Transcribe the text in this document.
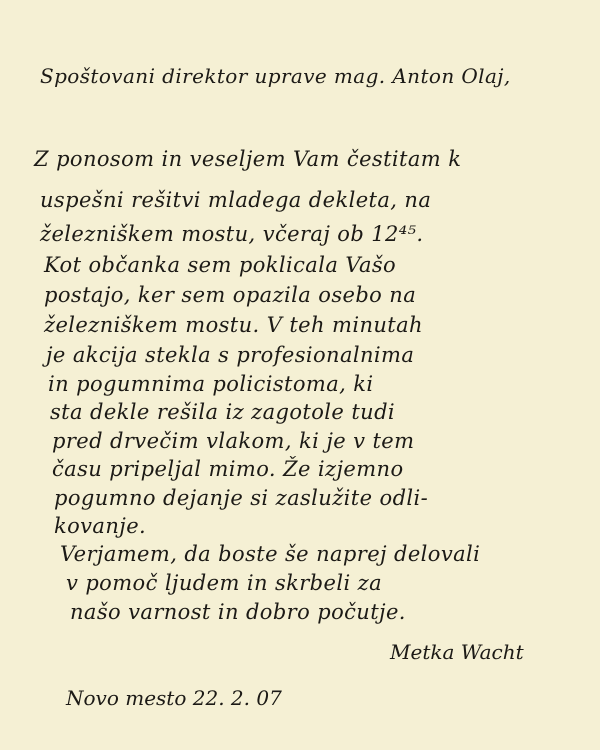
Spoštovani direktor uprave mag. Anton Olaj,
Z ponosom in veseljem Vam čestitam k
uspešni rešitvi mladega dekleta, na
železniškem mostu, včeraj ob 12⁴⁵.
Kot občanka sem poklicala Vašo
postajo, ker sem opazila osebo na
železniškem mostu. V teh minutah
je akcija stekla s profesionalnima
in pogumnima policistoma, ki
sta dekle rešila iz zagotole tudi
pred drvečim vlakom, ki je v tem
času pripeljal mimo. Že izjemno
pogumno dejanje si zaslužite odli-
kovanje.
Verjamem, da boste še naprej delovali
v pomoč ljudem in skrbeli za
našo varnost in dobro počutje.
Metka Wacht
Novo mesto 22. 2. 07
